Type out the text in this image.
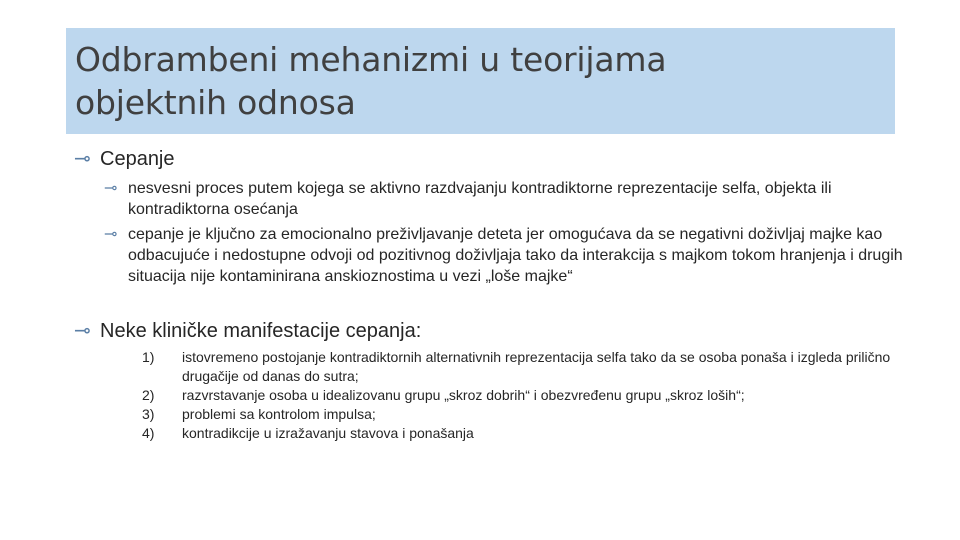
Odbrambeni mehanizmi u teorijama
objektnih odnosa
⊸ Cepanje
⊸ nesvesni proces putem kojega se aktivno razdvajanju kontradiktorne reprezentacije selfa, objekta ili kontradiktorna osećanja
⊸ cepanje je ključno za emocionalno preživljavanje deteta jer omogućava da se negativni doživljaj majke kao odbacujuće i nedostupne odvoji od pozitivnog doživljaja tako da interakcija s majkom tokom hranjenja i drugih situacija nije kontaminirana anskioznostima u vezi „loše majke“
⊸ Neke kliničke manifestacije cepanja:
1)	istovremeno postojanje kontradiktornih alternativnih reprezentacija selfa tako da se osoba ponaša i izgleda prilično drugačije od danas do sutra;
2)	razvrstavanje osoba u idealizovanu grupu „skroz dobrih“ i obezvređenu grupu „skroz loših“;
3)	problemi sa kontrolom impulsa;
4)	kontradikcije u izražavanju stavova i ponašanja
